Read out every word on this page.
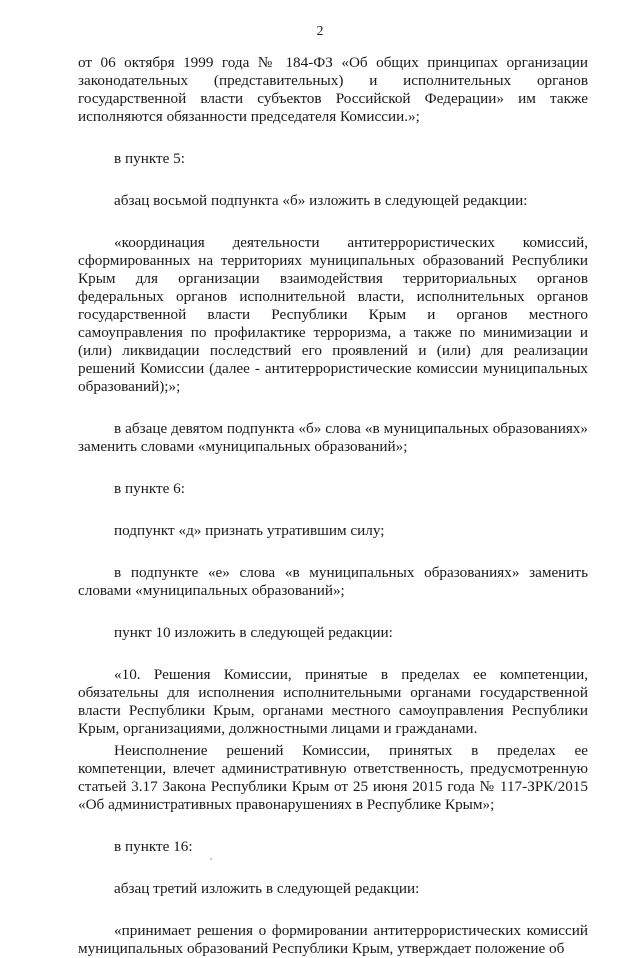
2

от 06 октября 1999 года № 184-ФЗ «Об общих принципах организации законодательных (представительных) и исполнительных органов государственной власти субъектов Российской Федерации» им также исполняются обязанности председателя Комиссии.»;

в пункте 5:

абзац восьмой подпункта «б» изложить в следующей редакции:

«координация деятельности антитеррористических комиссий, сформированных на территориях муниципальных образований Республики Крым для организации взаимодействия территориальных органов федеральных органов исполнительной власти, исполнительных органов государственной власти Республики Крым и органов местного самоуправления по профилактике терроризма, а также по минимизации и (или) ликвидации последствий его проявлений и (или) для реализации решений Комиссии (далее - антитеррористические комиссии муниципальных образований);»;

в абзаце девятом подпункта «б» слова «в муниципальных образованиях» заменить словами «муниципальных образований»;

в пункте 6:

подпункт «д» признать утратившим силу;

в подпункте «е» слова «в муниципальных образованиях» заменить словами «муниципальных образований»;

пункт 10 изложить в следующей редакции:

«10. Решения Комиссии, принятые в пределах ее компетенции, обязательны для исполнения исполнительными органами государственной власти Республики Крым, органами местного самоуправления Республики Крым, организациями, должностными лицами и гражданами.

Неисполнение решений Комиссии, принятых в пределах ее компетенции, влечет административную ответственность, предусмотренную статьей 3.17 Закона Республики Крым от 25 июня 2015 года № 117-ЗРК/2015 «Об административных правонарушениях в Республике Крым»;

в пункте 16:

абзац третий изложить в следующей редакции:

«принимает решения о формировании антитеррористических комиссий муниципальных образований Республики Крым, утверждает положение об
